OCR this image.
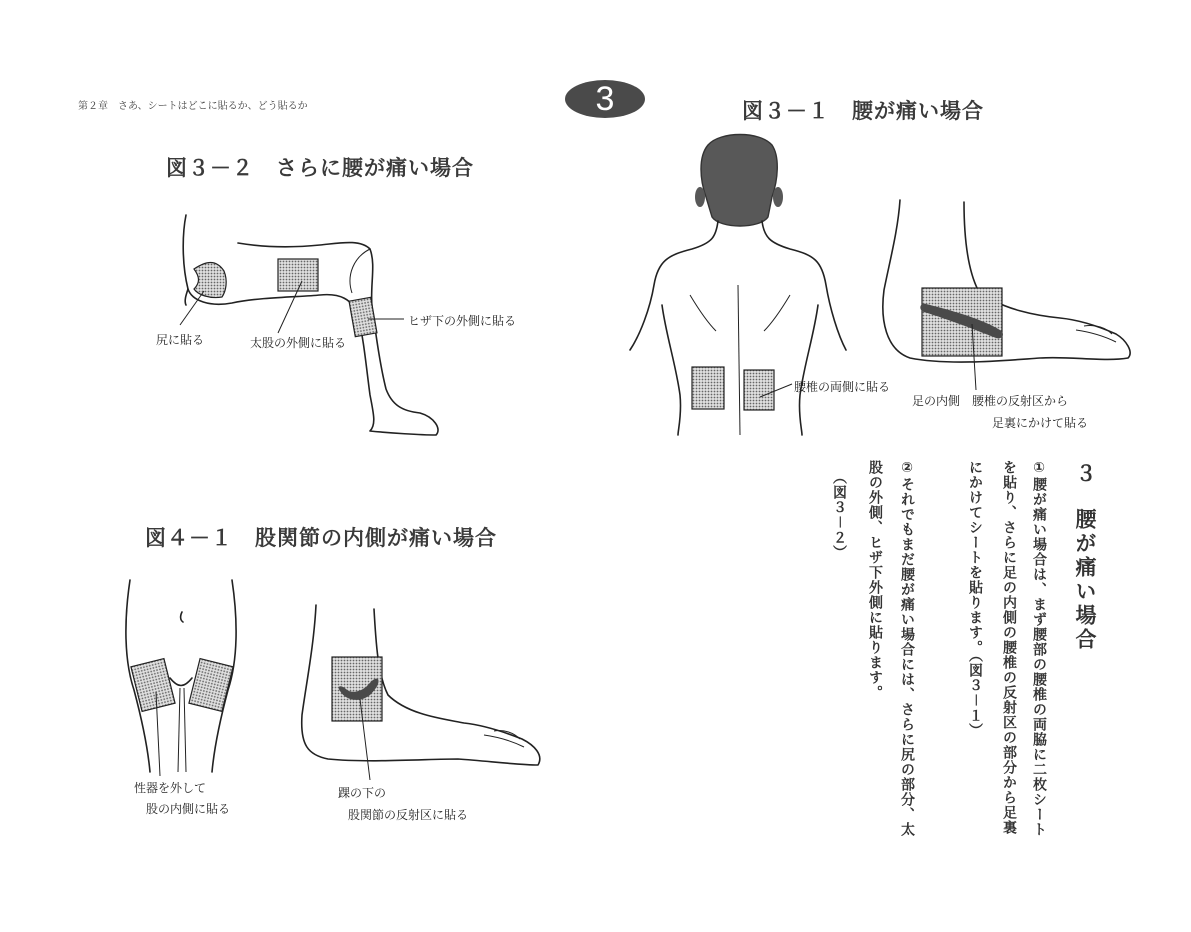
第２章　さあ、シートはどこに貼るか、どう貼るか	3	図３－１　腰が痛い場合
図３－２　さらに腰が痛い場合
図４－１　股関節の内側が痛い場合
腰椎の両側に貼る
足の内側　腰椎の反射区から
足裏にかけて貼る
尻に貼る	太股の外側に貼る
ヒザ下の外側に貼る
性器を外して
股の内側に貼る
踝の下の
股関節の反射区に貼る
３
腰が痛い場合
①腰が痛い場合は、まず腰部の腰椎の両脇に二枚シート
を貼り、さらに足の内側の腰椎の反射区の部分から足裏
にかけてシートを貼ります。（図３－１）
②それでもまだ腰が痛い場合には、さらに尻の部分、太
股の外側、ヒザ下外側に貼ります。
（図３－２）
